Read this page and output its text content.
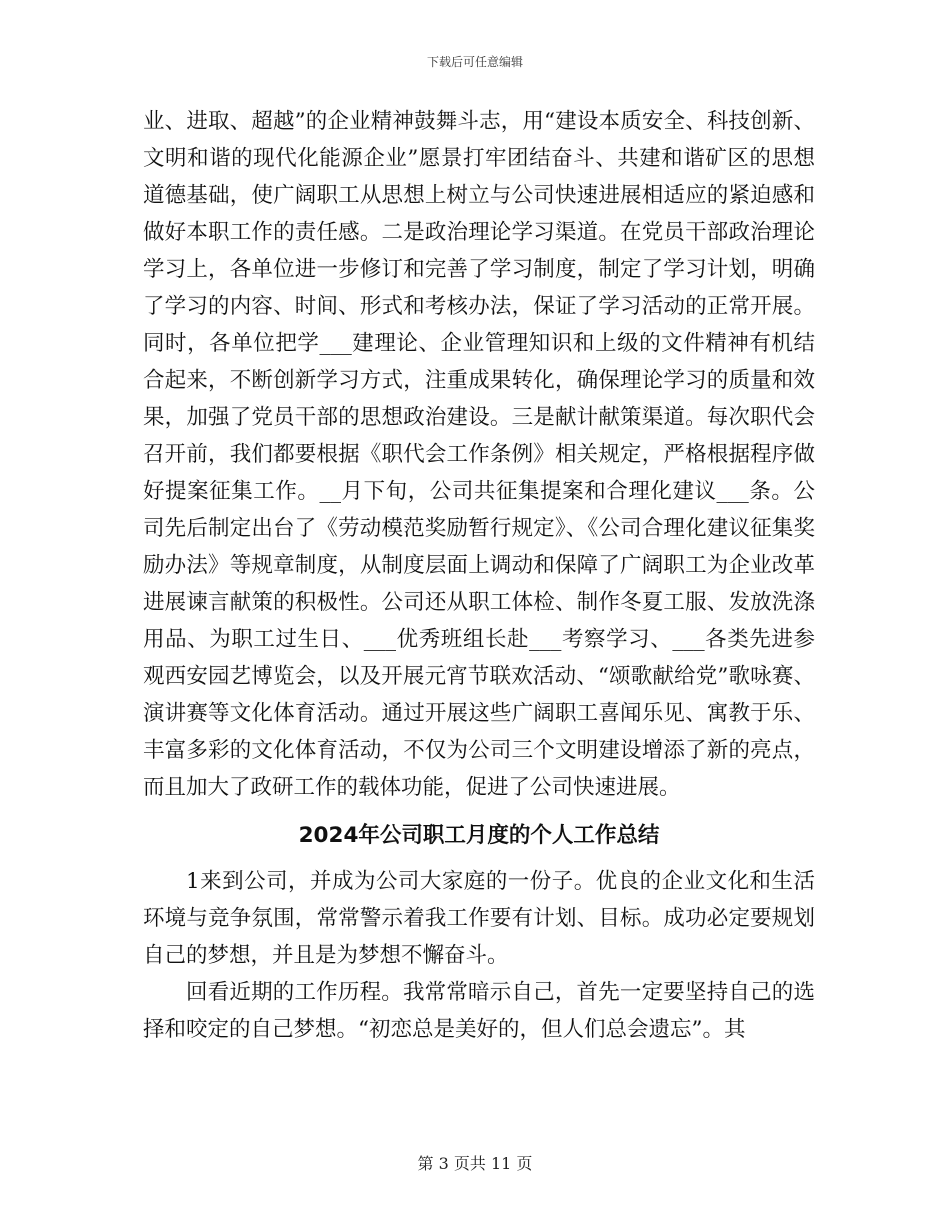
下载后可任意编辑

业、进取、超越”的企业精神鼓舞斗志，用“建设本质安全、科技创新、文明和谐的现代化能源企业”愿景打牢团结奋斗、共建和谐矿区的思想道德基础，使广阔职工从思想上树立与公司快速进展相适应的紧迫感和做好本职工作的责任感。二是政治理论学习渠道。在党员干部政治理论学习上，各单位进一步修订和完善了学习制度，制定了学习计划，明确了学习的内容、时间、形式和考核办法，保证了学习活动的正常开展。同时，各单位把学___建理论、企业管理知识和上级的文件精神有机结合起来，不断创新学习方式，注重成果转化，确保理论学习的质量和效果，加强了党员干部的思想政治建设。三是献计献策渠道。每次职代会召开前，我们都要根据《职代会工作条例》相关规定，严格根据程序做好提案征集工作。__月下旬，公司共征集提案和合理化建议___条。公司先后制定出台了《劳动模范奖励暂行规定》、《公司合理化建议征集奖励办法》等规章制度，从制度层面上调动和保障了广阔职工为企业改革进展谏言献策的积极性。公司还从职工体检、制作冬夏工服、发放洗涤用品、为职工过生日、___优秀班组长赴___考察学习、___各类先进参观西安园艺博览会，以及开展元宵节联欢活动、“颂歌献给党”歌咏赛、演讲赛等文化体育活动。通过开展这些广阔职工喜闻乐见、寓教于乐、丰富多彩的文化体育活动，不仅为公司三个文明建设增添了新的亮点，而且加大了政研工作的载体功能，促进了公司快速进展。

2024年公司职工月度的个人工作总结

1来到公司，并成为公司大家庭的一份子。优良的企业文化和生活环境与竞争氛围，常常警示着我工作要有计划、目标。成功必定要规划自己的梦想，并且是为梦想不懈奋斗。

回看近期的工作历程。我常常暗示自己，首先一定要坚持自己的选择和咬定的自己梦想。“初恋总是美好的，但人们总会遗忘”。其

第 3 页共 11 页
